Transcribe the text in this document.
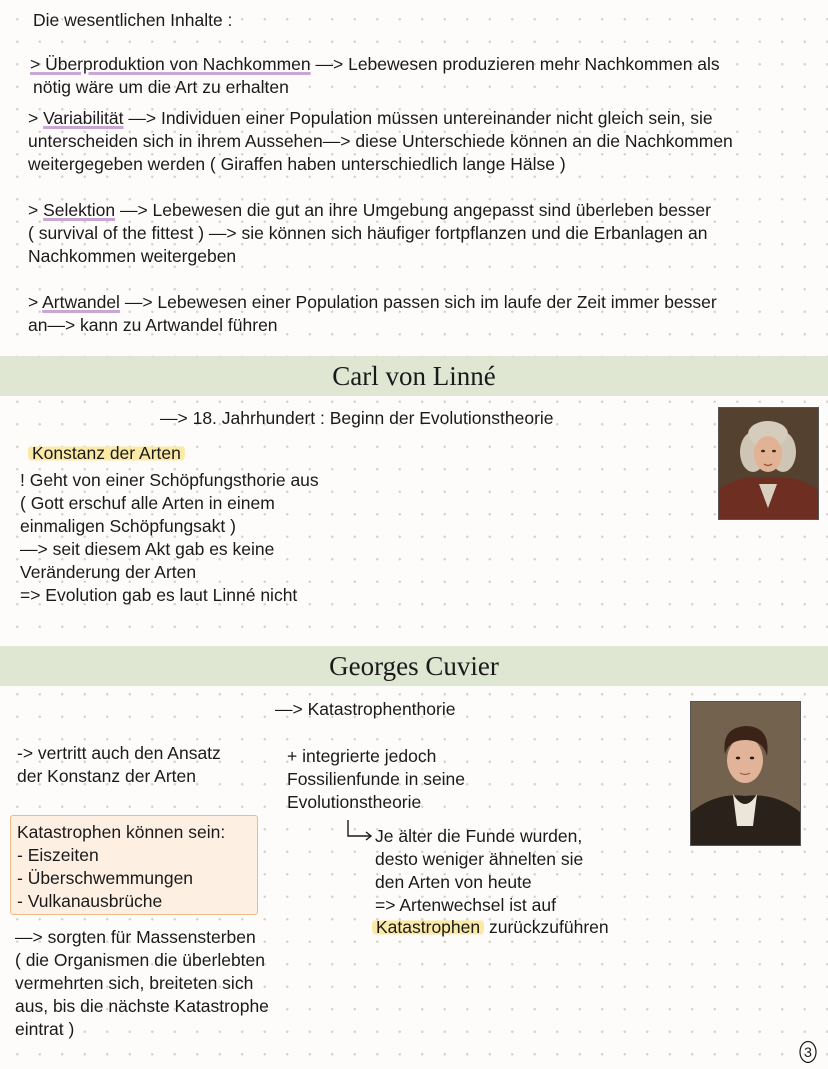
Die wesentlichen Inhalte :
> Überproduktion von Nachkommen —> Lebewesen produzieren mehr Nachkommen als
nötig wäre um die Art zu erhalten
> Variabilität —> Individuen einer Population müssen untereinander nicht gleich sein, sie
unterscheiden sich in ihrem Aussehen—> diese Unterschiede können an die Nachkommen
weitergegeben werden ( Giraffen haben unterschiedlich lange Hälse )
> Selektion —> Lebewesen die gut an ihre Umgebung angepasst sind überleben besser
( survival of the fittest ) —> sie können sich häufiger fortpflanzen und die Erbanlagen an
Nachkommen weitergeben
> Artwandel —> Lebewesen einer Population passen sich im laufe der Zeit immer besser
an—> kann zu Artwandel führen
Carl von Linné
—> 18. Jahrhundert : Beginn der Evolutionstheorie
Konstanz der Arten
! Geht von einer Schöpfungsthorie aus
( Gott erschuf alle Arten in einem
einmaligen Schöpfungsakt )
—> seit diesem Akt gab es keine
Veränderung der Arten
=> Evolution gab es laut Linné nicht
Georges Cuvier
—> Katastrophenthorie
-> vertritt auch den Ansatz
der Konstanz der Arten
+ integrierte jedoch
Fossilienfunde in seine
Evolutionstheorie
Katastrophen können sein:
- Eiszeiten
- Überschwemmungen
- Vulkanausbrüche
—> sorgten für Massensterben
( die Organismen die überlebten
vermehrten sich, breiteten sich
aus, bis die nächste Katastrophe
eintrat )
Je älter die Funde wurden,
desto weniger ähnelten sie
den Arten von heute
=> Artenwechsel ist auf
Katastrophen zurückzuführen
3
